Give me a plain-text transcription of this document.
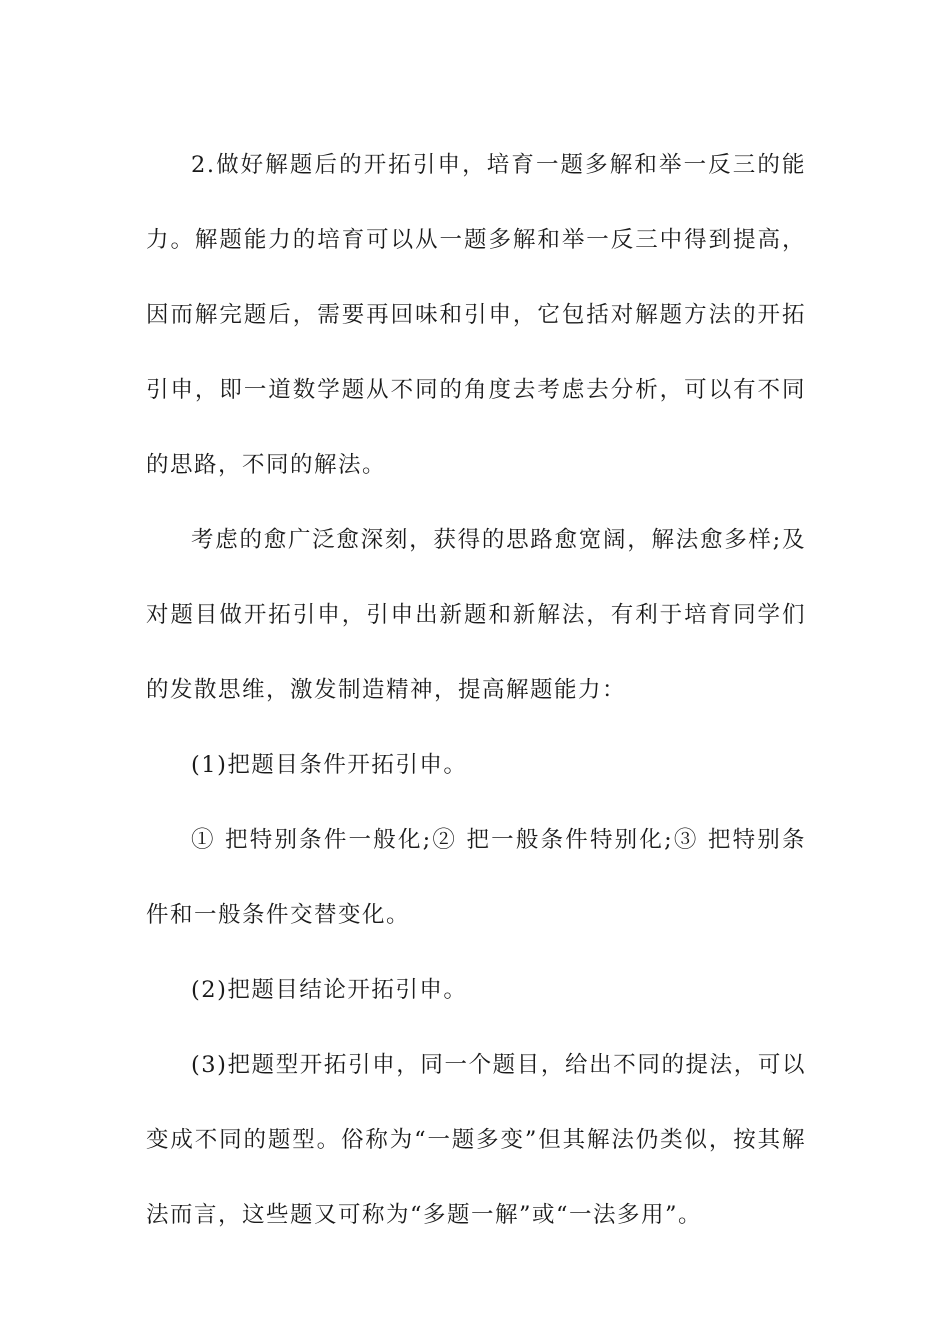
2.做好解题后的开拓引申，培育一题多解和举一反三的能力。解题能力的培育可以从一题多解和举一反三中得到提高，因而解完题后，需要再回味和引申，它包括对解题方法的开拓引申，即一道数学题从不同的角度去考虑去分析，可以有不同的思路，不同的解法。

考虑的愈广泛愈深刻，获得的思路愈宽阔，解法愈多样;及对题目做开拓引申，引申出新题和新解法，有利于培育同学们的发散思维，激发制造精神，提高解题能力：

(1)把题目条件开拓引申。

① 把特别条件一般化;② 把一般条件特别化;③ 把特别条件和一般条件交替变化。

(2)把题目结论开拓引申。

(3)把题型开拓引申，同一个题目，给出不同的提法，可以变成不同的题型。俗称为“一题多变”但其解法仍类似，按其解法而言，这些题又可称为“多题一解”或“一法多用”。
